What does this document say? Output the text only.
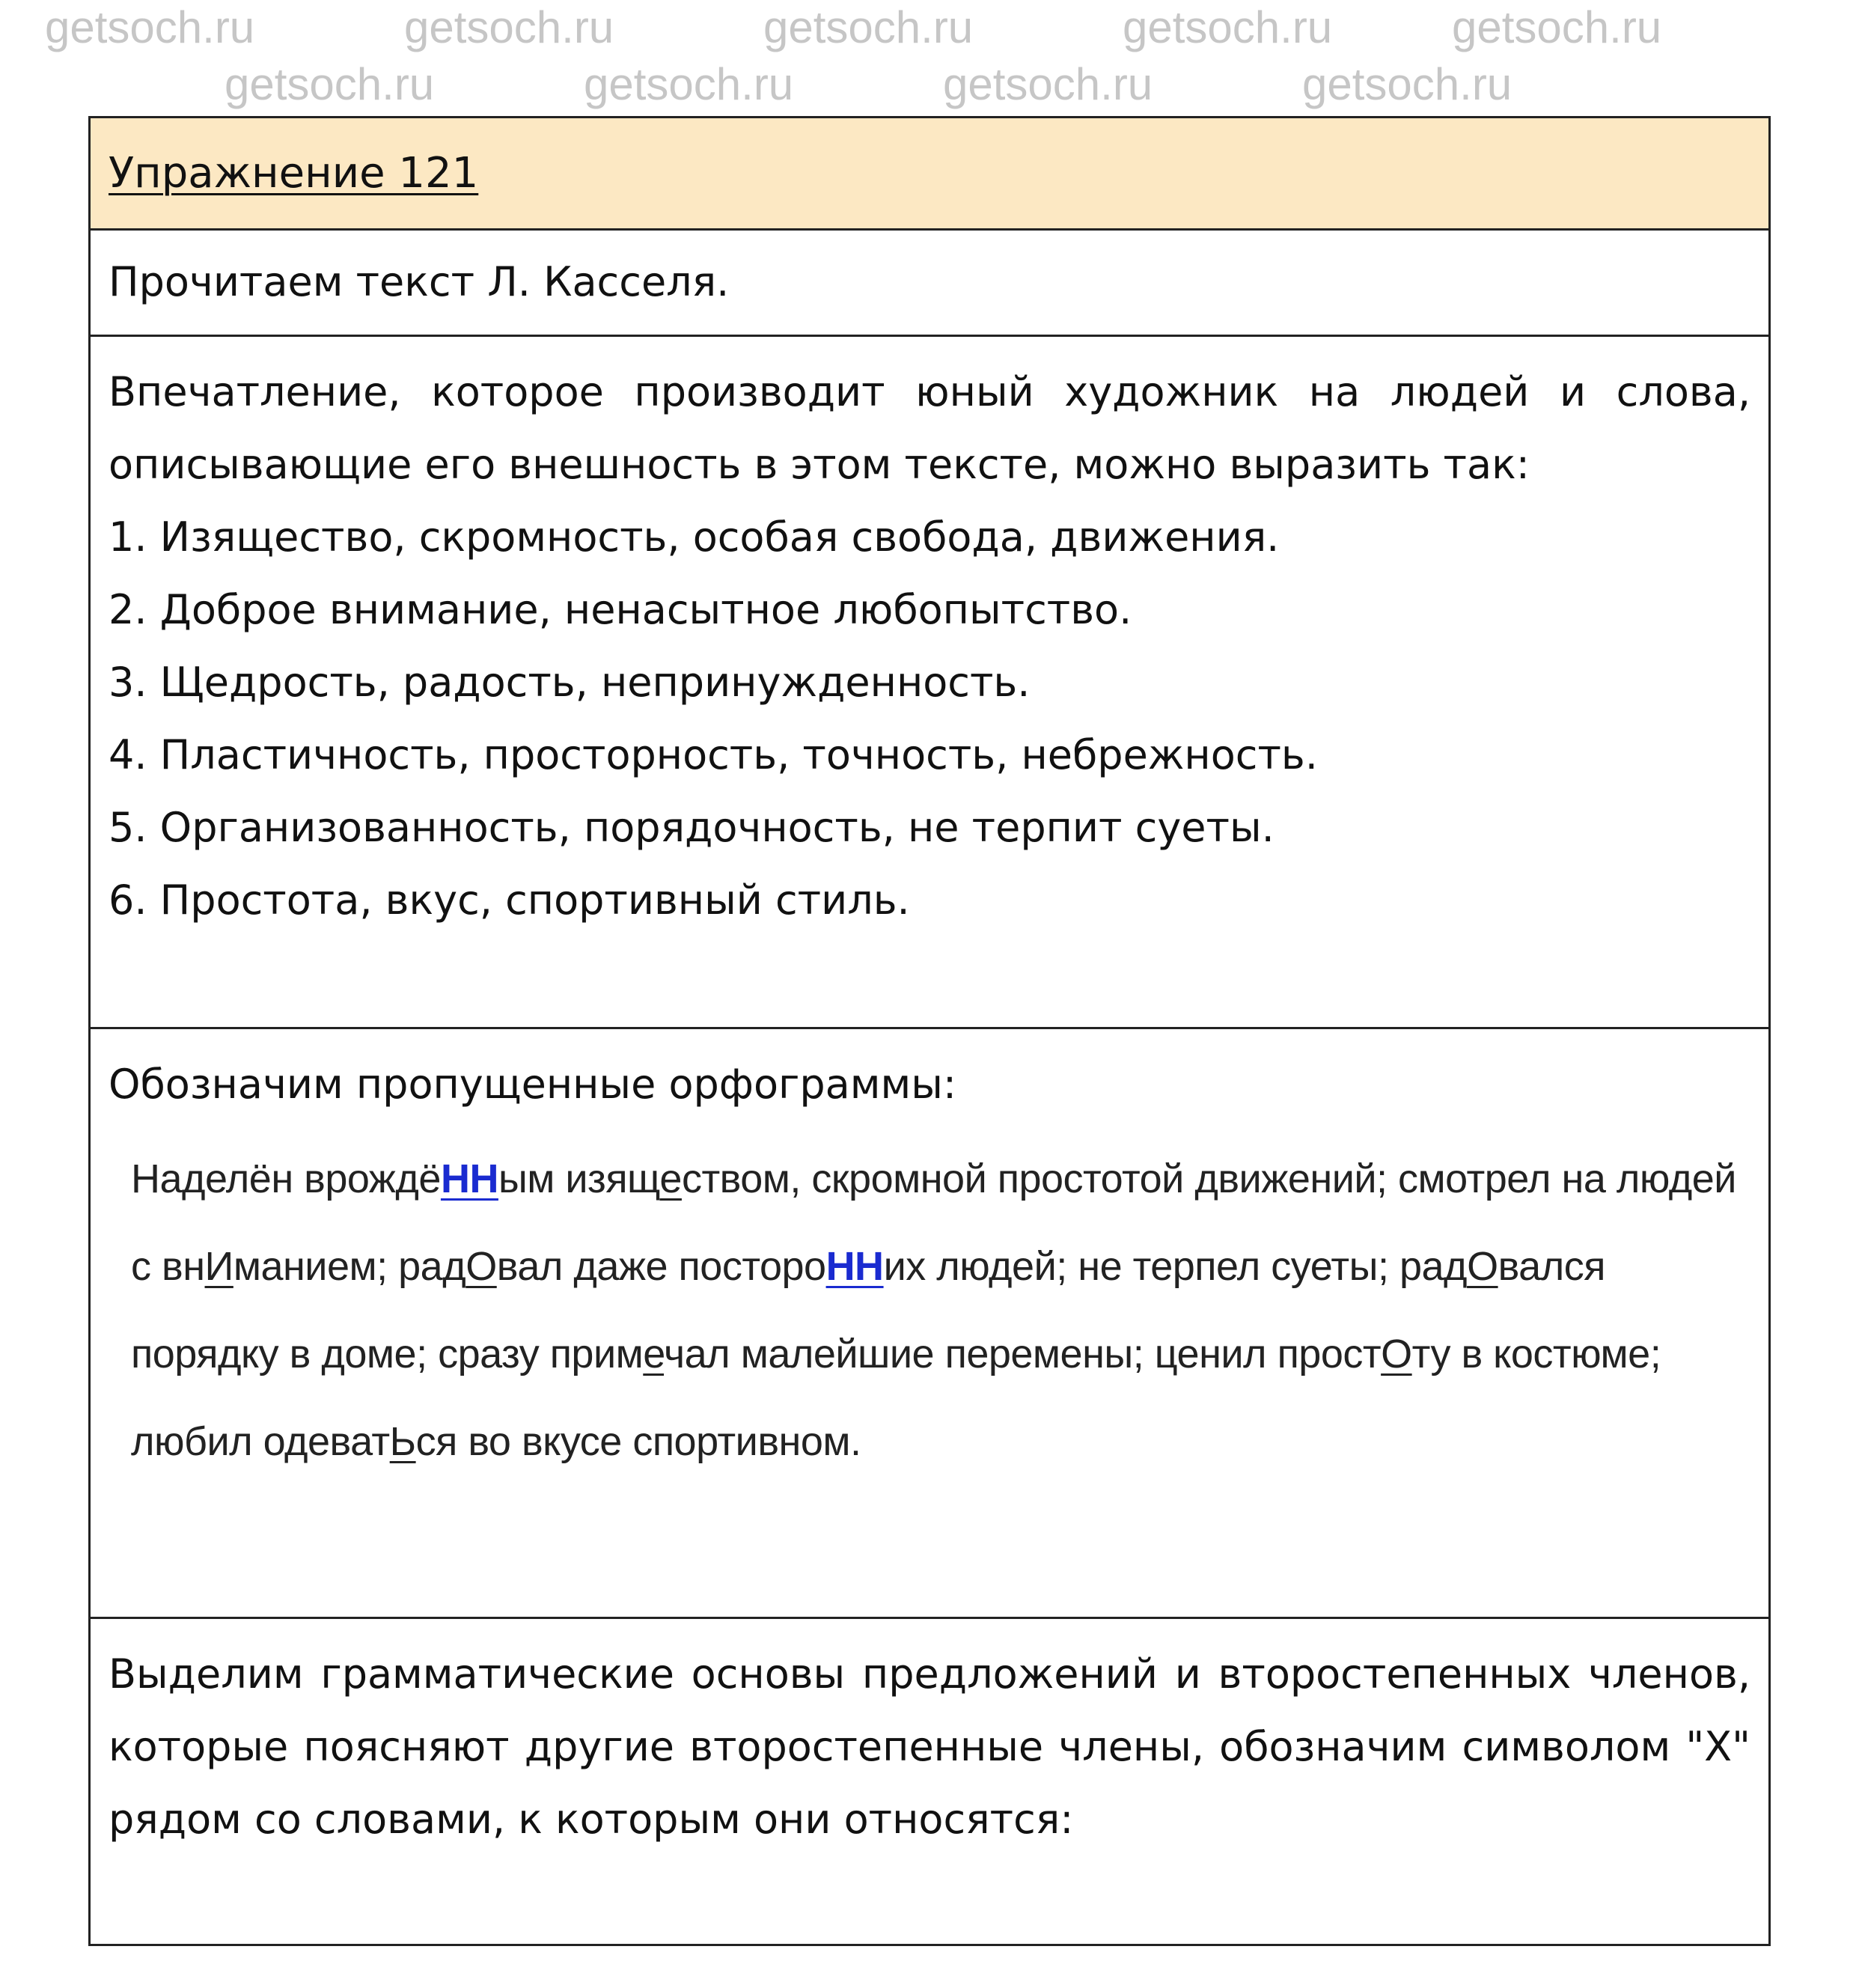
Упражнение 121
Прочитаем текст Л. Касселя.
Впечатление, которое производит юный художник на людей и слова, описывающие его внешность в этом тексте, можно выразить так:
1. Изящество, скромность, особая свобода, движения.
2. Доброе внимание, ненасытное любопытство.
3. Щедрость, радость, непринужденность.
4. Пластичность, просторность, точность, небрежность.
5. Организованность, порядочность, не терпит суеты.
6. Простота, вкус, спортивный стиль.
Обозначим пропущенные орфограммы:
Наделён врождёННым изяществом, скромной простотой движений; смотрел на людей с внИманием; радОвал даже постороННих людей; не терпел суеты; радОвался порядку в доме; сразу примечал малейшие перемены; ценил простОту в костюме; любил одеватЬся во вкусе спортивном.
Выделим грамматические основы предложений и второстепенных членов, которые поясняют другие второстепенные члены, обозначим символом "Х" рядом со словами, к которым они относятся:
getsoch.ru	getsoch.ru	getsoch.ru	getsoch.ru	getsoch.ru
getsoch.ru	getsoch.ru	getsoch.ru	getsoch.ru
